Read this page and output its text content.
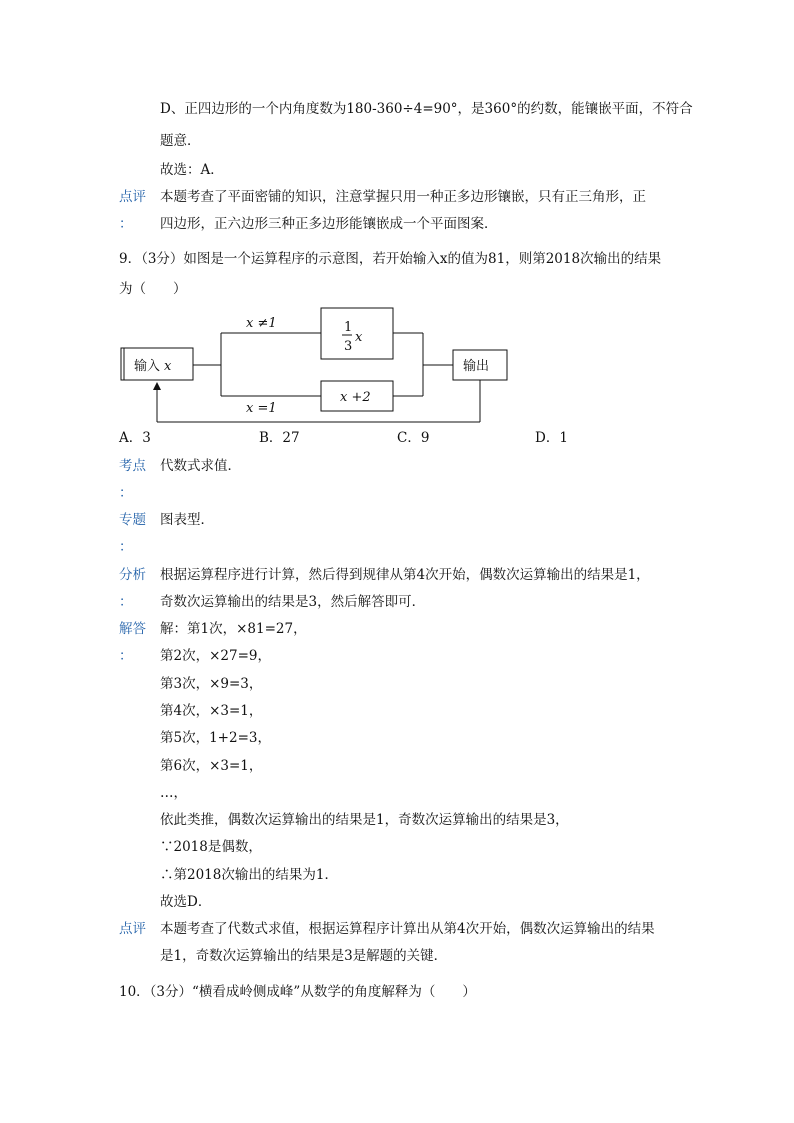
D、正四边形的一个内角度数为180-360÷4=90°，是360°的约数，能镶嵌平面，不符合
题意．
故选：A．
点评
：
本题考查了平面密铺的知识，注意掌握只用一种正多边形镶嵌，只有正三角形，正
四边形，正六边形三种正多边形能镶嵌成一个平面图案．
9．（3分）如图是一个运算程序的示意图，若开始输入x的值为81，则第2018次输出的结果
为（　　）
输入 x
x ≠1
x =1
1
3
x
x +2
输出
A．3	B．27	C．9	D．1
考点
：
代数式求值．
专题
：
图表型．
分析
：
根据运算程序进行计算，然后得到规律从第4次开始，偶数次运算输出的结果是1，
奇数次运算输出的结果是3，然后解答即可．
解答
：
解：第1次，×81=27，
第2次，×27=9，
第3次，×9=3，
第4次，×3=1，
第5次，1+2=3，
第6次，×3=1，
…，
依此类推，偶数次运算输出的结果是1，奇数次运算输出的结果是3，
∵2018是偶数，
∴第2018次输出的结果为1．
故选D．
点评 本题考查了代数式求值，根据运算程序计算出从第4次开始，偶数次运算输出的结果
是1，奇数次运算输出的结果是3是解题的关键．
10．（3分）“横看成岭侧成峰”从数学的角度解释为（　　）
